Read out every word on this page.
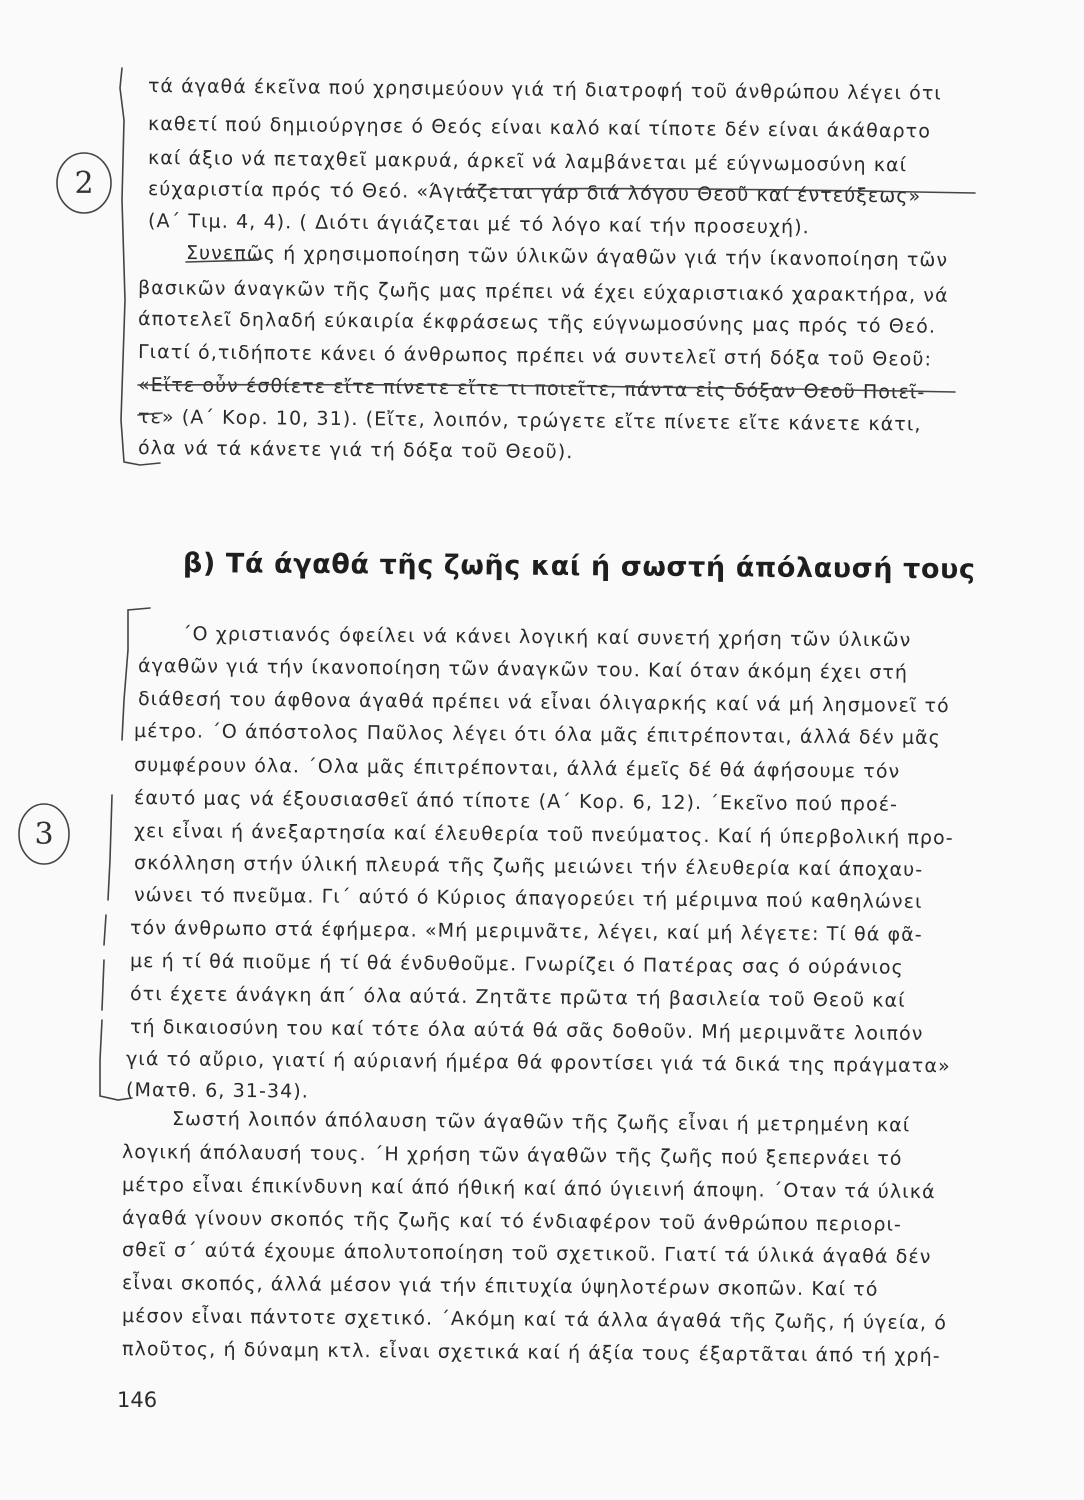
τά άγαθά έκεῖνα πού χρησιμεύουν γιά τή διατροφή τοῦ άνθρώπου λέγει ότι
καθετί πού δημιούργησε ό Θεός είναι καλό καί τίποτε δέν είναι άκάθαρτο
καί άξιο νά πεταχθεῖ μακρυά, άρκεῖ νά λαμβάνεται μέ εύγνωμοσύνη καί
εύχαριστία πρός τό Θεό. «Άγιάζεται γάρ διά λόγου Θεοῦ καί έντεύξεως»
(Α΄ Τιμ. 4, 4). ( Διότι άγιάζεται μέ τό λόγο καί τήν προσευχή).
Συνεπῶς ή χρησιμοποίηση τῶν ύλικῶν άγαθῶν γιά τήν ίκανοποίηση τῶν
βασικῶν άναγκῶν τῆς ζωῆς μας πρέπει νά έχει εύχαριστιακό χαρακτήρα, νά
άποτελεῖ δηλαδή εύκαιρία έκφράσεως τῆς εύγνωμοσύνης μας πρός τό Θεό.
Γιατί ό,τιδήποτε κάνει ό άνθρωπος πρέπει νά συντελεῖ στή δόξα τοῦ Θεοῦ:
«Εἴτε οὖν έσθίετε εἴτε πίνετε εἴτε τι ποιεῖτε, πάντα εἰς δόξαν Θεοῦ Ποιεῖ-
τε» (Α΄ Κορ. 10, 31). (Εἴτε, λοιπόν, τρώγετε εἴτε πίνετε εἴτε κάνετε κάτι,
όλα νά τά κάνετε γιά τή δόξα τοῦ Θεοῦ).
β) Τά άγαθά τῆς ζωῆς καί ή σωστή άπόλαυσή τους
΄Ο χριστιανός όφείλει νά κάνει λογική καί συνετή χρήση τῶν ύλικῶν
άγαθῶν γιά τήν ίκανοποίηση τῶν άναγκῶν του. Καί όταν άκόμη έχει στή
διάθεσή του άφθονα άγαθά πρέπει νά εἶναι όλιγαρκής καί νά μή λησμονεῖ τό
μέτρο. ΄Ο άπόστολος Παῦλος λέγει ότι όλα μᾶς έπιτρέπονται, άλλά δέν μᾶς
συμφέρουν όλα. ΄Ολα μᾶς έπιτρέπονται, άλλά έμεῖς δέ θά άφήσουμε τόν
έαυτό μας νά έξουσιασθεῖ άπό τίποτε (Α΄ Κορ. 6, 12). ΄Εκεῖνο πού προέ-
χει εἶναι ή άνεξαρτησία καί έλευθερία τοῦ πνεύματος. Καί ή ύπερβολική προ-
σκόλληση στήν ύλική πλευρά τῆς ζωῆς μειώνει τήν έλευθερία καί άποχαυ-
νώνει τό πνεῦμα. Γι΄ αύτό ό Κύριος άπαγορεύει τή μέριμνα πού καθηλώνει
τόν άνθρωπο στά έφήμερα. «Μή μεριμνᾶτε, λέγει, καί μή λέγετε: Τί θά φᾶ-
με ή τί θά πιοῦμε ή τί θά ένδυθοῦμε. Γνωρίζει ό Πατέρας σας ό ούράνιος
ότι έχετε άνάγκη άπ΄ όλα αύτά. Ζητᾶτε πρῶτα τή βασιλεία τοῦ Θεοῦ καί
τή δικαιοσύνη του καί τότε όλα αύτά θά σᾶς δοθοῦν. Μή μεριμνᾶτε λοιπόν
γιά τό αὔριο, γιατί ή αύριανή ήμέρα θά φροντίσει γιά τά δικά της πράγματα»
(Ματθ. 6, 31-34).
Σωστή λοιπόν άπόλαυση τῶν άγαθῶν τῆς ζωῆς εἶναι ή μετρημένη καί
λογική άπόλαυσή τους. ΄Η χρήση τῶν άγαθῶν τῆς ζωῆς πού ξεπερνάει τό
μέτρο εἶναι έπικίνδυνη καί άπό ήθική καί άπό ύγιεινή άποψη. ΄Οταν τά ύλικά
άγαθά γίνουν σκοπός τῆς ζωῆς καί τό ένδιαφέρον τοῦ άνθρώπου περιορι-
σθεῖ σ΄ αύτά έχουμε άπολυτοποίηση τοῦ σχετικοῦ. Γιατί τά ύλικά άγαθά δέν
εἶναι σκοπός, άλλά μέσον γιά τήν έπιτυχία ύψηλοτέρων σκοπῶν. Καί τό
μέσον εἶναι πάντοτε σχετικό. ΄Ακόμη καί τά άλλα άγαθά τῆς ζωῆς, ή ύγεία, ό
πλοῦτος, ή δύναμη κτλ. εἶναι σχετικά καί ή άξία τους έξαρτᾶται άπό τή χρή-
146
2
3
